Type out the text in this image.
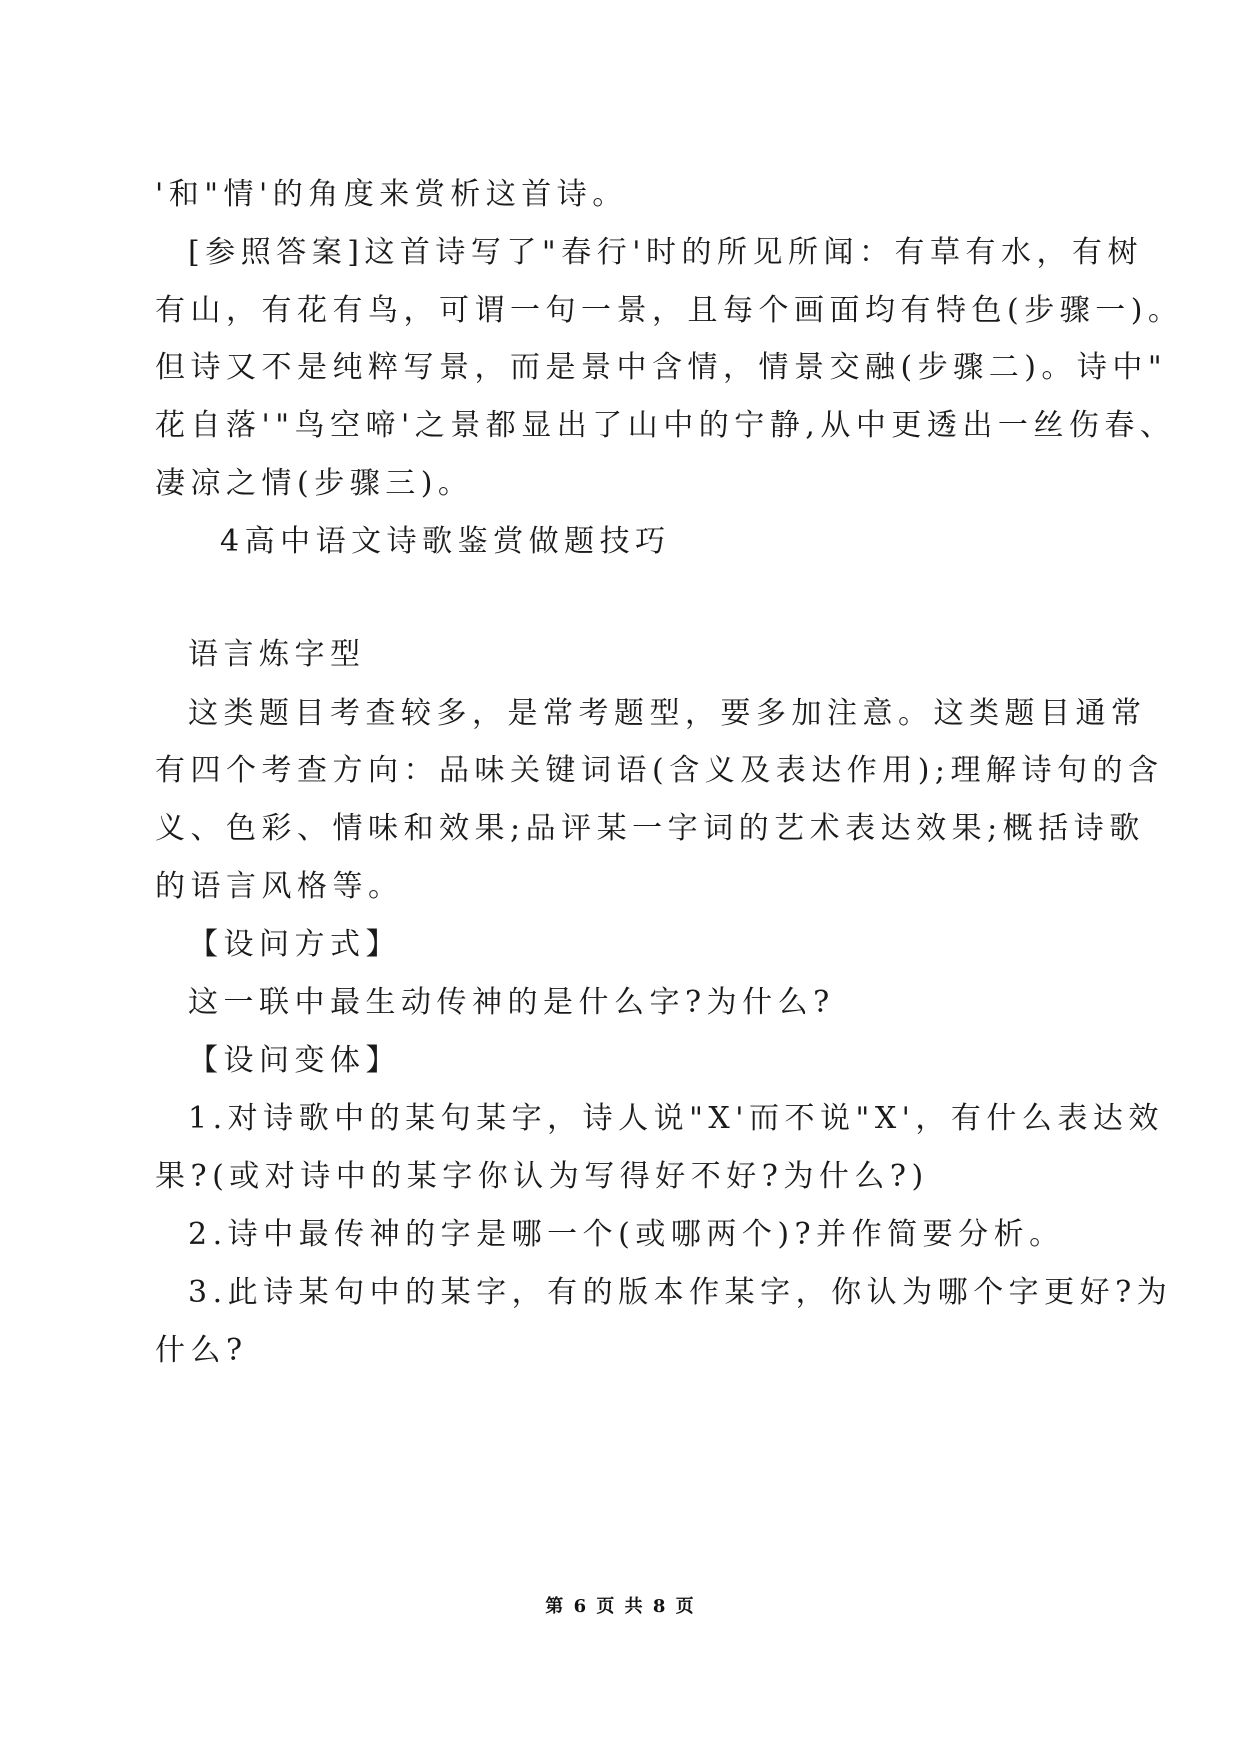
'和"情'的角度来赏析这首诗。
[参照答案]这首诗写了"春行'时的所见所闻：有草有水，有树
有山，有花有鸟，可谓一句一景，且每个画面均有特色(步骤一)。
但诗又不是纯粹写景，而是景中含情，情景交融(步骤二)。诗中"
花自落'"鸟空啼'之景都显出了山中的宁静,从中更透出一丝伤春、
凄凉之情(步骤三)。
4高中语文诗歌鉴赏做题技巧
语言炼字型
这类题目考查较多，是常考题型，要多加注意。这类题目通常
有四个考查方向：品味关键词语(含义及表达作用);理解诗句的含
义、色彩、情味和效果;品评某一字词的艺术表达效果;概括诗歌
的语言风格等。
【设问方式】
这一联中最生动传神的是什么字?为什么?
【设问变体】
1.对诗歌中的某句某字，诗人说"X'而不说"X'，有什么表达效
果?(或对诗中的某字你认为写得好不好?为什么?)
2.诗中最传神的字是哪一个(或哪两个)?并作简要分析。
3.此诗某句中的某字，有的版本作某字，你认为哪个字更好?为
什么?
第 6 页 共 8 页
